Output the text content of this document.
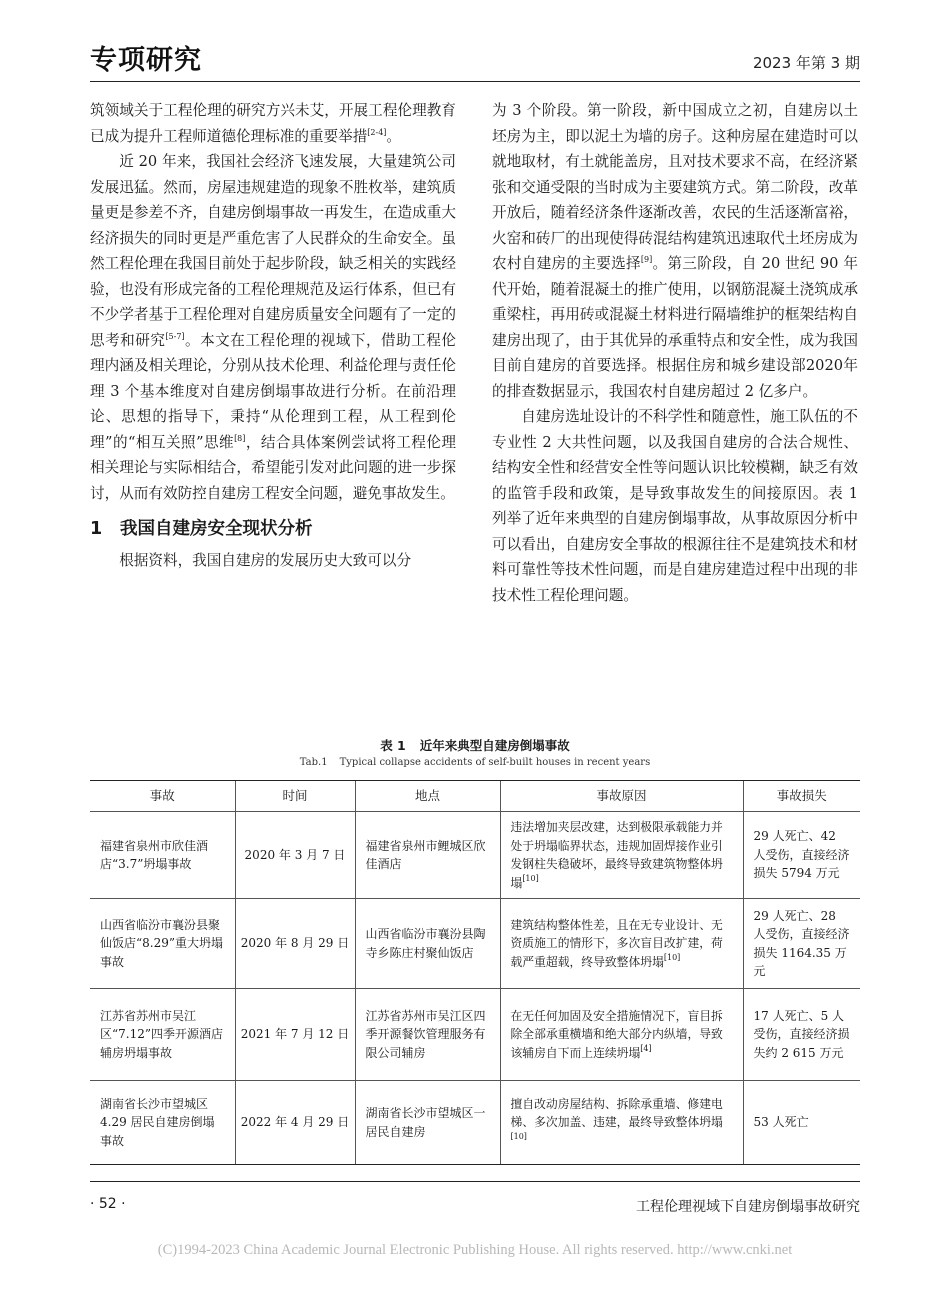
专项研究	2023 年第 3 期

筑领域关于工程伦理的研究方兴未艾，开展工程伦理教育已成为提升工程师道德伦理标准的重要举措[2-4]。

近 20 年来，我国社会经济飞速发展，大量建筑公司发展迅猛。然而，房屋违规建造的现象不胜枚举，建筑质量更是参差不齐，自建房倒塌事故一再发生，在造成重大经济损失的同时更是严重危害了人民群众的生命安全。虽然工程伦理在我国目前处于起步阶段，缺乏相关的实践经验，也没有形成完备的工程伦理规范及运行体系，但已有不少学者基于工程伦理对自建房质量安全问题有了一定的思考和研究[5-7]。本文在工程伦理的视域下，借助工程伦理内涵及相关理论，分别从技术伦理、利益伦理与责任伦理 3 个基本维度对自建房倒塌事故进行分析。在前沿理论、思想的指导下，秉持“从伦理到工程，从工程到伦理”的“相互关照”思维[8]，结合具体案例尝试将工程伦理相关理论与实际相结合，希望能引发对此问题的进一步探讨，从而有效防控自建房工程安全问题，避免事故发生。

1 我国自建房安全现状分析

根据资料，我国自建房的发展历史大致可以分

为 3 个阶段。第一阶段，新中国成立之初，自建房以土坯房为主，即以泥土为墙的房子。这种房屋在建造时可以就地取材，有土就能盖房，且对技术要求不高，在经济紧张和交通受限的当时成为主要建筑方式。第二阶段，改革开放后，随着经济条件逐渐改善，农民的生活逐渐富裕，火窑和砖厂的出现使得砖混结构建筑迅速取代土坯房成为农村自建房的主要选择[9]。第三阶段，自 20 世纪 90 年代开始，随着混凝土的推广使用，以钢筋混凝土浇筑成承重梁柱，再用砖或混凝土材料进行隔墙维护的框架结构自建房出现了，由于其优异的承重特点和安全性，成为我国目前自建房的首要选择。根据住房和城乡建设部2020年的排查数据显示，我国农村自建房超过 2 亿多户。

自建房选址设计的不科学性和随意性，施工队伍的不专业性 2 大共性问题，以及我国自建房的合法合规性、结构安全性和经营安全性等问题认识比较模糊，缺乏有效的监管手段和政策，是导致事故发生的间接原因。表 1 列举了近年来典型的自建房倒塌事故，从事故原因分析中可以看出，自建房安全事故的根源往往不是建筑技术和材料可靠性等技术性问题，而是自建房建造过程中出现的非技术性工程伦理问题。

表 1 近年来典型自建房倒塌事故
Tab.1 Typical collapse accidents of self-built houses in recent years
事故	时间	地点	事故原因	事故损失
福建省泉州市欣佳酒店“3.7”坍塌事故	2020 年 3 月 7 日	福建省泉州市鲤城区欣佳酒店	违法增加夹层改建，达到极限承载能力并处于坍塌临界状态，违规加固焊接作业引发钢柱失稳破坏，最终导致建筑物整体坍塌[10]	29 人死亡、42 人受伤，直接经济损失 5794 万元
山西省临汾市襄汾县聚仙饭店“8.29”重大坍塌事故	2020 年 8 月 29 日	山西省临汾市襄汾县陶寺乡陈庄村聚仙饭店	建筑结构整体性差，且在无专业设计、无资质施工的情形下，多次盲目改扩建，荷载严重超载，终导致整体坍塌[10]	29 人死亡、28 人受伤，直接经济损失 1164.35 万元
江苏省苏州市吴江区“7.12”四季开源酒店辅房坍塌事故	2021 年 7 月 12 日	江苏省苏州市吴江区四季开源餐饮管理服务有限公司辅房	在无任何加固及安全措施情况下，盲目拆除全部承重横墙和绝大部分内纵墙，导致该辅房自下而上连续坍塌[4]	17 人死亡、5 人受伤，直接经济损失约 2 615 万元
湖南省长沙市望城区 4.29 居民自建房倒塌事故	2022 年 4 月 29 日	湖南省长沙市望城区一居民自建房	擅自改动房屋结构、拆除承重墙、修建电梯、多次加盖、违建，最终导致整体坍塌[10]	53 人死亡
· 52 ·	工程伦理视域下自建房倒塌事故研究
(C)1994-2023 China Academic Journal Electronic Publishing House. All rights reserved. http://www.cnki.net
